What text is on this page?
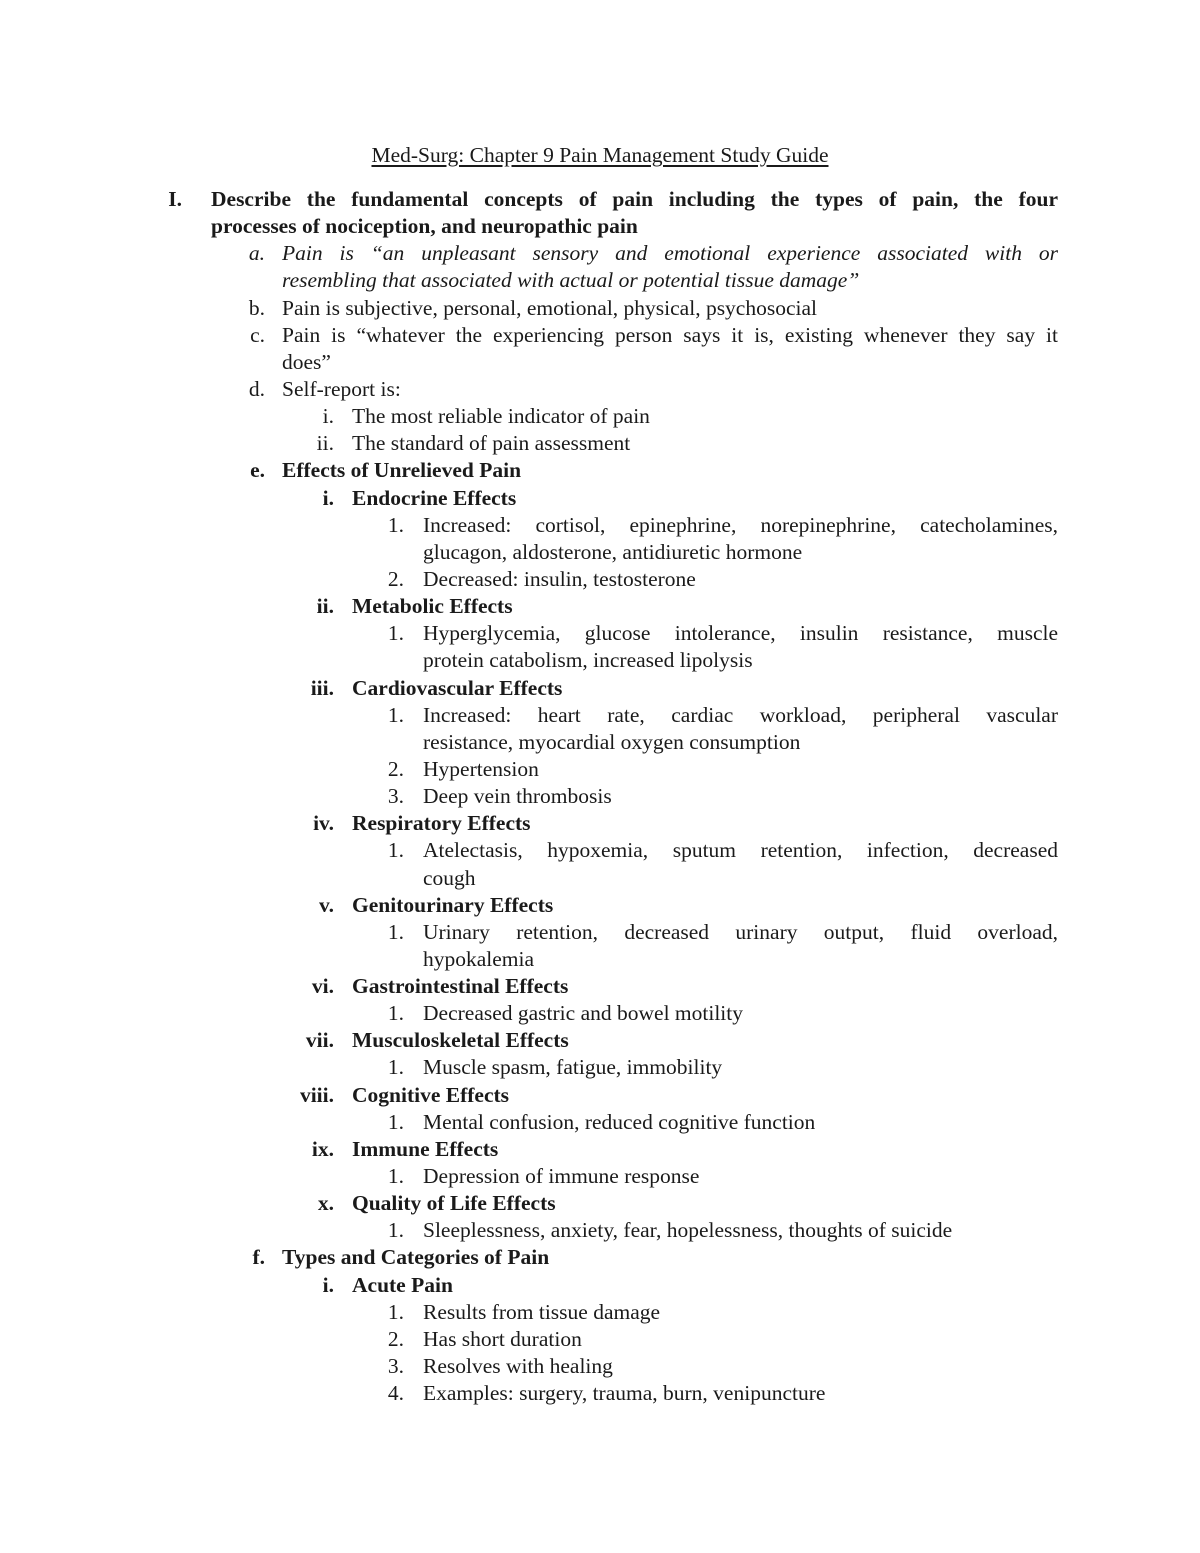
Med-Surg: Chapter 9 Pain Management Study Guide
I. Describe the fundamental concepts of pain including the types of pain, the four
processes of nociception, and neuropathic pain
a. Pain is “an unpleasant sensory and emotional experience associated with or
resembling that associated with actual or potential tissue damage”
b. Pain is subjective, personal, emotional, physical, psychosocial
c. Pain is “whatever the experiencing person says it is, existing whenever they say it
does”
d. Self-report is:
i. The most reliable indicator of pain
ii. The standard of pain assessment
e. Effects of Unrelieved Pain
i. Endocrine Effects
1. Increased: cortisol, epinephrine, norepinephrine, catecholamines,
glucagon, aldosterone, antidiuretic hormone
2. Decreased: insulin, testosterone
ii. Metabolic Effects
1. Hyperglycemia, glucose intolerance, insulin resistance, muscle
protein catabolism, increased lipolysis
iii. Cardiovascular Effects
1. Increased: heart rate, cardiac workload, peripheral vascular
resistance, myocardial oxygen consumption
2. Hypertension
3. Deep vein thrombosis
iv. Respiratory Effects
1. Atelectasis, hypoxemia, sputum retention, infection, decreased
cough
v. Genitourinary Effects
1. Urinary retention, decreased urinary output, fluid overload,
hypokalemia
vi. Gastrointestinal Effects
1. Decreased gastric and bowel motility
vii. Musculoskeletal Effects
1. Muscle spasm, fatigue, immobility
viii. Cognitive Effects
1. Mental confusion, reduced cognitive function
ix. Immune Effects
1. Depression of immune response
x. Quality of Life Effects
1. Sleeplessness, anxiety, fear, hopelessness, thoughts of suicide
f. Types and Categories of Pain
i. Acute Pain
1. Results from tissue damage
2. Has short duration
3. Resolves with healing
4. Examples: surgery, trauma, burn, venipuncture
